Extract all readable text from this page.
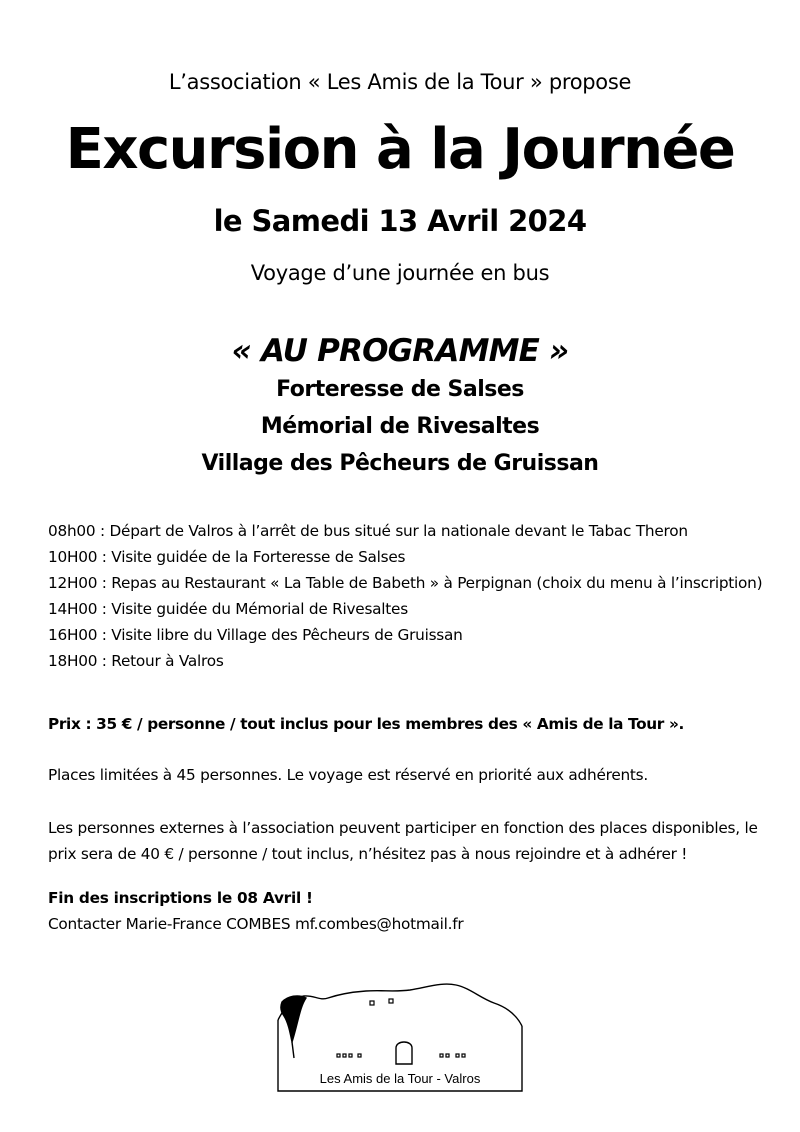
L’association « Les Amis de la Tour » propose
Excursion à la Journée
le Samedi 13 Avril 2024
Voyage d’une journée en bus
« AU PROGRAMME »
Forteresse de Salses
Mémorial de Rivesaltes
Village des Pêcheurs de Gruissan
08h00 : Départ de Valros à l’arrêt de bus situé sur la nationale devant le Tabac Theron
10H00 : Visite guidée de la Forteresse de Salses
12H00 : Repas au Restaurant « La Table de Babeth » à Perpignan (choix du menu à l’inscription)
14H00 : Visite guidée du Mémorial de Rivesaltes
16H00 : Visite libre du Village des Pêcheurs de Gruissan
18H00 : Retour à Valros
Prix : 35 € / personne / tout inclus pour les membres des « Amis de la Tour ».
Places limitées à 45 personnes. Le voyage est réservé en priorité aux adhérents.
Les personnes externes à l’association peuvent participer en fonction des places disponibles, le prix sera de 40 € / personne / tout inclus, n’hésitez pas à nous rejoindre et à adhérer !
Fin des inscriptions le 08 Avril !
Contacter Marie-France COMBES mf.combes@hotmail.fr
Les Amis de la Tour - Valros
